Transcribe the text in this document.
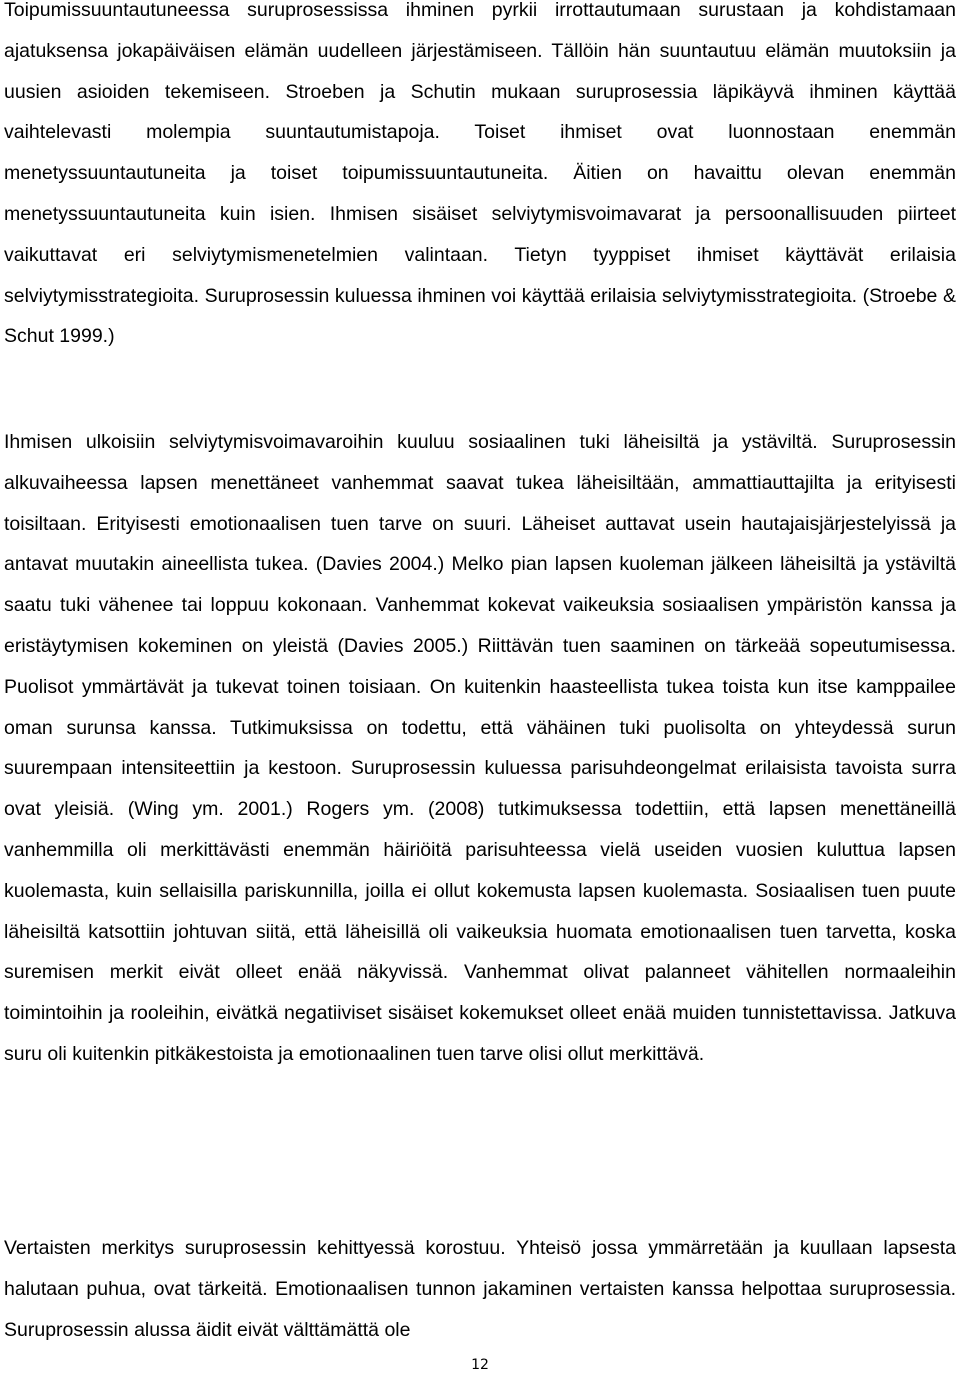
Toipumissuuntautuneessa suruprosessissa ihminen pyrkii irrottautumaan surustaan ja kohdistamaan ajatuksensa jokapäiväisen elämän uudelleen järjestämiseen. Tällöin hän suuntautuu elämän muutoksiin ja uusien asioiden tekemiseen. Stroeben ja Schutin mukaan suruprosessia läpikäyvä ihminen käyttää vaihtelevasti molempia suuntautumistapoja. Toiset ihmiset ovat luonnostaan enemmän menetyssuuntautuneita ja toiset toipumissuuntautuneita. Äitien on havaittu olevan enemmän menetyssuuntautuneita kuin isien. Ihmisen sisäiset selviytymisvoimavarat ja persoonallisuuden piirteet vaikuttavat eri selviytymismenetelmien valintaan. Tietyn tyyppiset ihmiset käyttävät erilaisia selviytymisstrategioita. Suruprosessin kuluessa ihminen voi käyttää erilaisia selviytymisstrategioita. (Stroebe & Schut 1999.)

Ihmisen ulkoisiin selviytymisvoimavaroihin kuuluu sosiaalinen tuki läheisiltä ja ystäviltä. Suruprosessin alkuvaiheessa lapsen menettäneet vanhemmat saavat tukea läheisiltään, ammattiauttajilta ja erityisesti toisiltaan. Erityisesti emotionaalisen tuen tarve on suuri. Läheiset auttavat usein hautajaisjärjestelyissä ja antavat muutakin aineellista tukea. (Davies 2004.) Melko pian lapsen kuoleman jälkeen läheisiltä ja ystäviltä saatu tuki vähenee tai loppuu kokonaan. Vanhemmat kokevat vaikeuksia sosiaalisen ympäristön kanssa ja eristäytymisen kokeminen on yleistä (Davies 2005.) Riittävän tuen saaminen on tärkeää sopeutumisessa. Puolisot ymmärtävät ja tukevat toinen toisiaan. On kuitenkin haasteellista tukea toista kun itse kamppailee oman surunsa kanssa. Tutkimuksissa on todettu, että vähäinen tuki puolisolta on yhteydessä surun suurempaan intensiteettiin ja kestoon. Suruprosessin kuluessa parisuhdeongelmat erilaisista tavoista surra ovat yleisiä. (Wing ym. 2001.) Rogers ym. (2008) tutkimuksessa todettiin, että lapsen menettäneillä vanhemmilla oli merkittävästi enemmän häiriöitä parisuhteessa vielä useiden vuosien kuluttua lapsen kuolemasta, kuin sellaisilla pariskunnilla, joilla ei ollut kokemusta lapsen kuolemasta. Sosiaalisen tuen puute läheisiltä katsottiin johtuvan siitä, että läheisillä oli vaikeuksia huomata emotionaalisen tuen tarvetta, koska suremisen merkit eivät olleet enää näkyvissä. Vanhemmat olivat palanneet vähitellen normaaleihin toimintoihin ja rooleihin, eivätkä negatiiviset sisäiset kokemukset olleet enää muiden tunnistettavissa. Jatkuva suru oli kuitenkin pitkäkestoista ja emotionaalinen tuen tarve olisi ollut merkittävä.

Vertaisten merkitys suruprosessin kehittyessä korostuu. Yhteisö jossa ymmärretään ja kuullaan lapsesta halutaan puhua, ovat tärkeitä. Emotionaalisen tunnon jakaminen vertaisten kanssa helpottaa suruprosessia. Suruprosessin alussa äidit eivät välttämättä ole

12
